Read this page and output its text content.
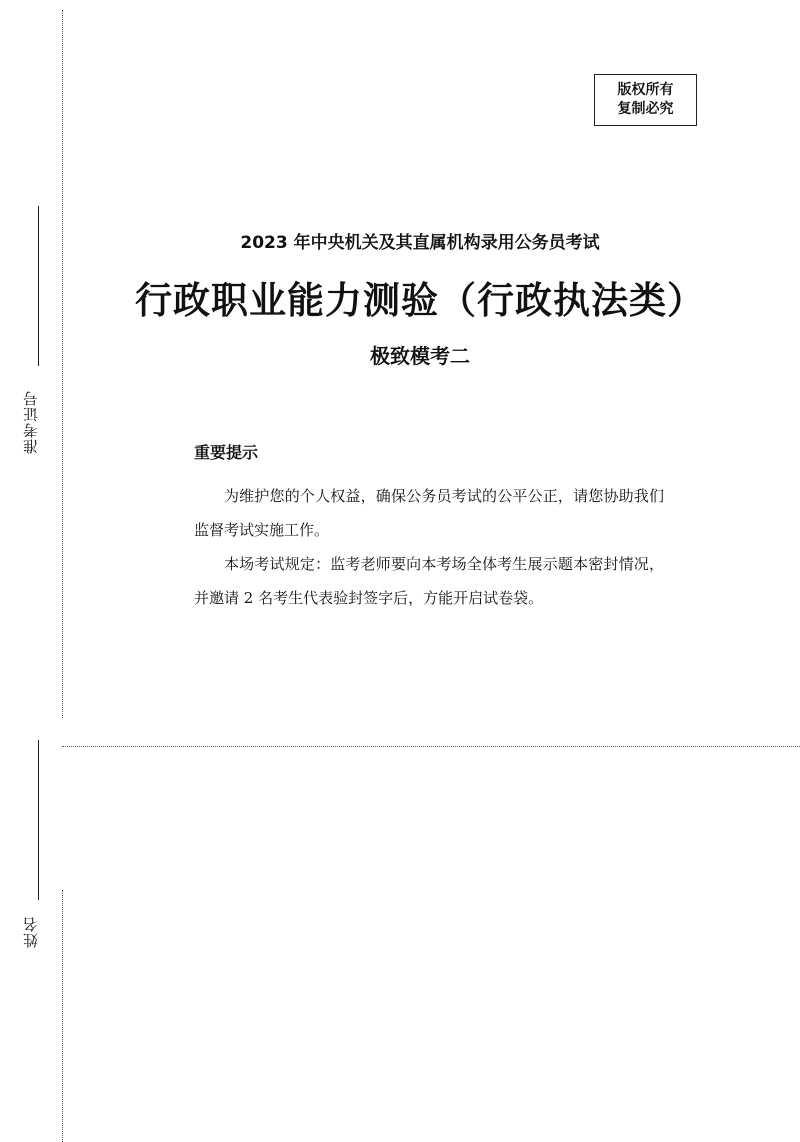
准考证号
姓名
版权所有
复制必究
2023 年中央机关及其直属机构录用公务员考试
行政职业能力测验（行政执法类）
极致模考二
重要提示

为维护您的个人权益，确保公务员考试的公平公正，请您协助我们监督考试实施工作。

本场考试规定：监考老师要向本考场全体考生展示题本密封情况，并邀请 2 名考生代表验封签字后，方能开启试卷袋。
